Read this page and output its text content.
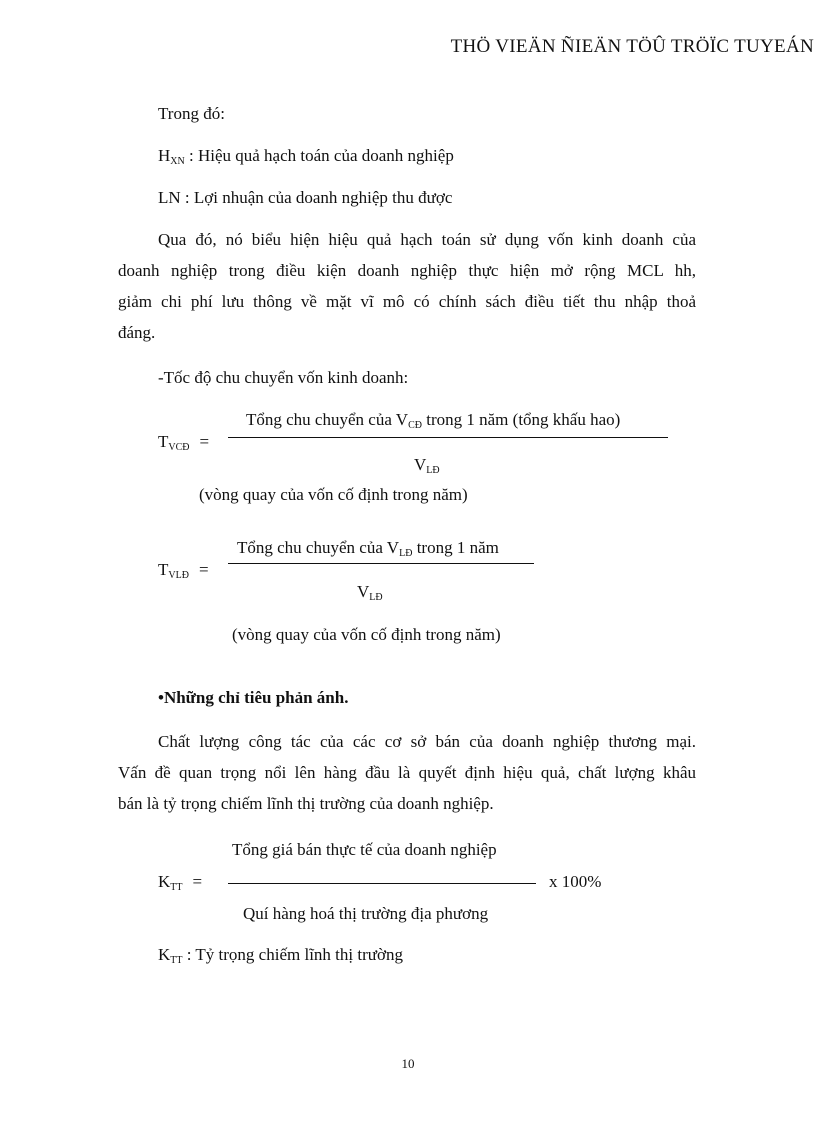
THÖ VIEÄN ÑIEÄN TÖÛ TRÖÏC TUYEÁN
Trong đó:
$H_{XN}$ : Hiệu quả hạch toán của doanh nghiệp
LN : Lợi nhuận của doanh nghiệp thu được
Qua đó, nó biểu hiện hiệu quả hạch toán sử dụng vốn kinh doanh của
doanh nghiệp trong điều kiện doanh nghiệp thực hiện mở rộng MCL hh,
giảm chi phí lưu thông về mặt vĩ mô có chính sách điều tiết thu nhập thoả
đáng.
-Tốc độ chu chuyển vốn kinh doanh:
Tổng chu chuyển của $V_{CĐ}$ trong 1 năm (tổng khấu hao)
$T_{VCĐ}$ =
$V_{LĐ}$
(vòng quay của vốn cố định trong năm)
Tổng chu chuyển của $V_{LĐ}$ trong 1 năm
$T_{VLĐ}$ =
$V_{LĐ}$
(vòng quay của vốn cố định trong năm)
•Những chỉ tiêu phản ánh.
Chất lượng công tác của các cơ sở bán của doanh nghiệp thương mại.
Vấn đề quan trọng nổi lên hàng đầu là quyết định hiệu quả, chất lượng khâu
bán là tỷ trọng chiếm lĩnh thị trường của doanh nghiệp.
Tổng giá bán thực tế của doanh nghiệp
$K_{TT}$ =	x 100%
Quí hàng hoá thị trường địa phương
$K_{TT}$ : Tỷ trọng chiếm lĩnh thị trường
10
